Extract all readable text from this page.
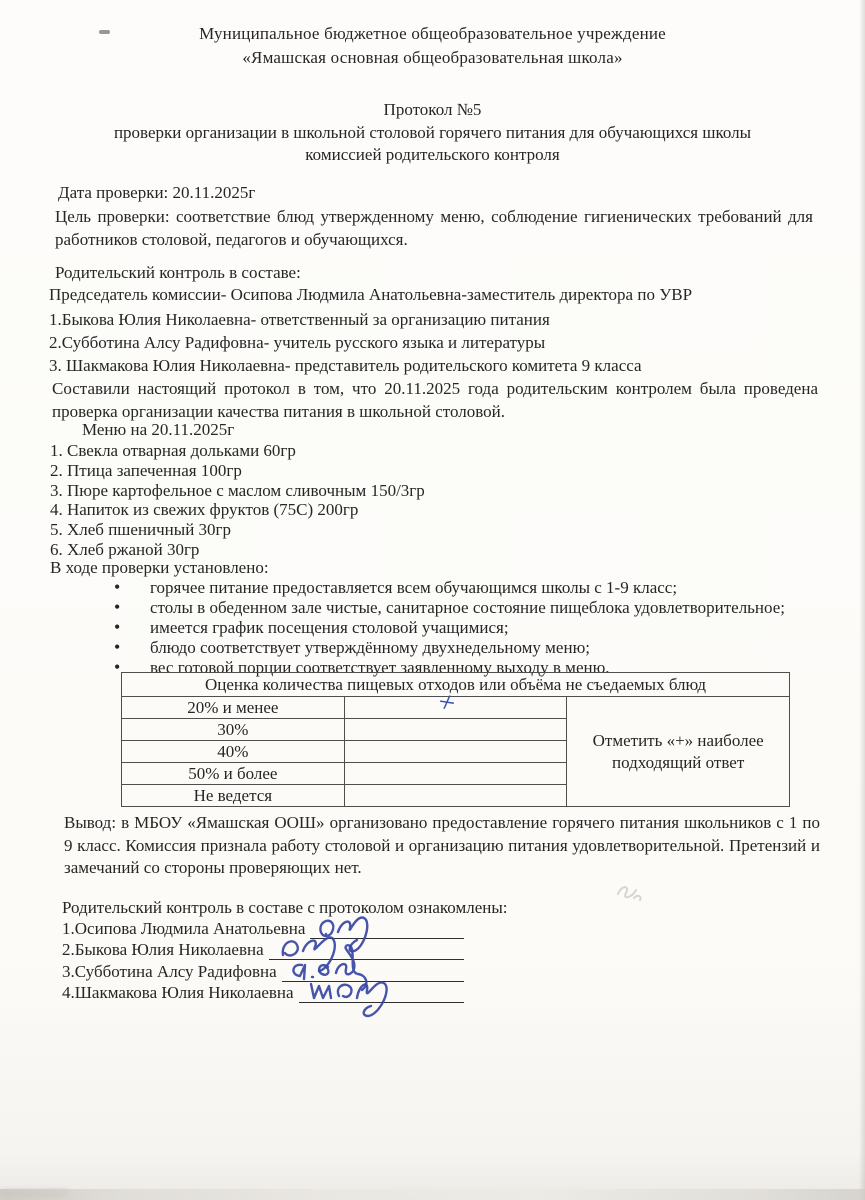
Муниципальное бюджетное общеобразовательное учреждение
«Ямашская основная общеобразовательная школа»
Протокол №5
проверки организации в школьной столовой горячего питания для обучающихся школы
комиссией родительского контроля
Дата проверки: 20.11.2025г
Цель проверки: соответствие блюд утвержденному меню, соблюдение гигиенических требований для работников столовой, педагогов и обучающихся.
Родительский контроль в составе:
Председатель комиссии- Осипова Людмила Анатольевна-заместитель директора по УВР
1.Быкова Юлия Николаевна- ответственный за организацию питания
2.Субботина Алсу Радифовна- учитель русского языка и литературы
3. Шакмакова Юлия Николаевна- представитель родительского комитета 9 класса
Составили настоящий протокол в том, что 20.11.2025 года родительским контролем была проведена проверка организации качества питания в школьной столовой.
Меню на 20.11.2025г
1. Свекла отварная дольками 60гр
2. Птица запеченная 100гр
3. Пюре картофельное с маслом сливочным 150/3гр
4. Напиток из свежих фруктов (75С) 200гр
5. Хлеб пшеничный 30гр
6. Хлеб ржаной 30гр
В ходе проверки установлено:
• горячее питание предоставляется всем обучающимся школы с 1-9 класс;
• столы в обеденном зале чистые, санитарное состояние пищеблока удовлетворительное;
• имеется график посещения столовой учащимися;
• блюдо соответствует утверждённому двухнедельному меню;
• вес готовой порции соответствует заявленному выходу в меню.
Оценка количества пищевых отходов или объёма не съедаемых блюд		
20% и менее	+	Отметить «+» наиболее подходящий ответ
30%		
40%		
50% и более		
Не ведется		
Вывод: в МБОУ «Ямашская ООШ» организовано предоставление горячего питания школьников с 1 по 9 класс. Комиссия признала работу столовой и организацию питания удовлетворительной. Претензий и замечаний со стороны проверяющих нет.
Родительский контроль в составе с протоколом ознакомлены:
1.Осипова Людмила Анатольевна
2.Быкова Юлия Николаевна
3.Субботина Алсу Радифовна
4.Шакмакова Юлия Николаевна
